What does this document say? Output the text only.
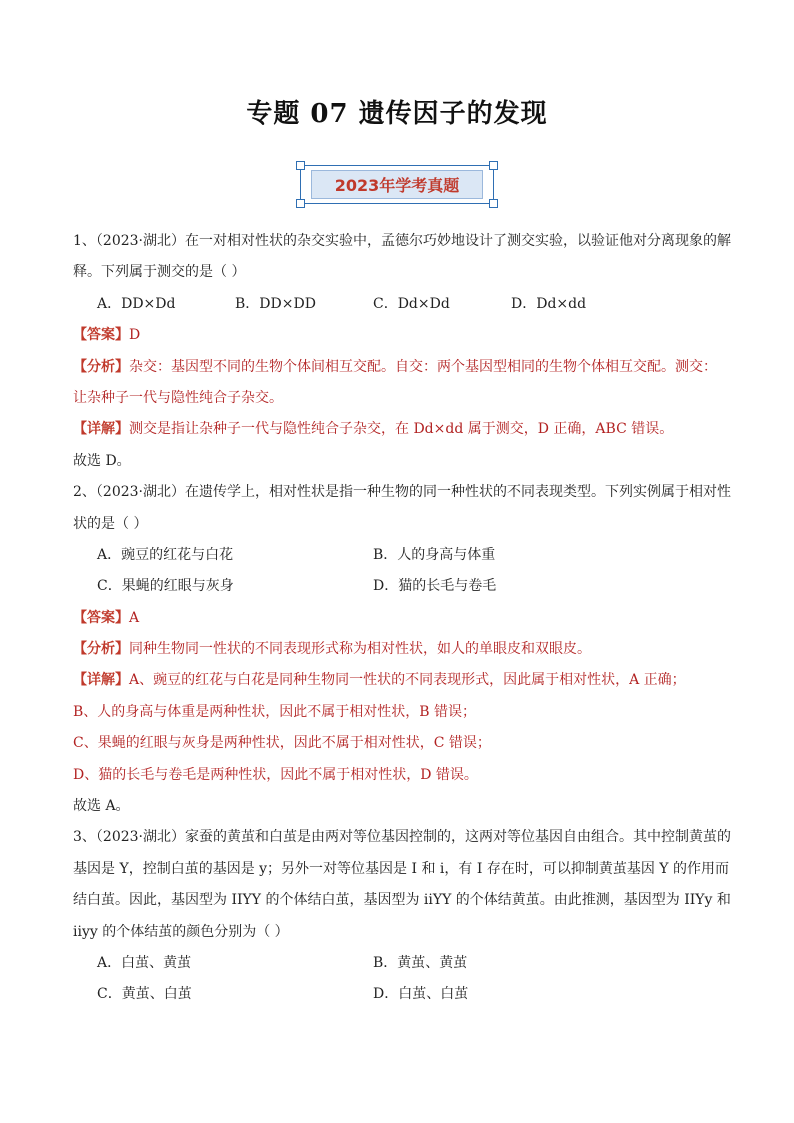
专题 07 遗传因子的发现
2023年学考真题
1、（2023·湖北）在一对相对性状的杂交实验中，孟德尔巧妙地设计了测交实验，以验证他对分离现象的解
释。下列属于测交的是（ ）
A．DD×Dd	B．DD×DD	C．Dd×Dd	D．Dd×dd
【答案】D
【分析】杂交：基因型不同的生物个体间相互交配。自交：两个基因型相同的生物个体相互交配。测交：
让杂种子一代与隐性纯合子杂交。
【详解】测交是指让杂种子一代与隐性纯合子杂交，在 Dd×dd 属于测交，D 正确，ABC 错误。
故选 D。
2、（2023·湖北）在遗传学上，相对性状是指一种生物的同一种性状的不同表现类型。下列实例属于相对性
状的是（ ）
A．豌豆的红花与白花	B．人的身高与体重
C．果蝇的红眼与灰身	D．猫的长毛与卷毛
【答案】A
【分析】同种生物同一性状的不同表现形式称为相对性状，如人的单眼皮和双眼皮。
【详解】A、豌豆的红花与白花是同种生物同一性状的不同表现形式，因此属于相对性状，A 正确；
B、人的身高与体重是两种性状，因此不属于相对性状，B 错误；
C、果蝇的红眼与灰身是两种性状，因此不属于相对性状，C 错误；
D、猫的长毛与卷毛是两种性状，因此不属于相对性状，D 错误。
故选 A。
3、（2023·湖北）家蚕的黄茧和白茧是由两对等位基因控制的，这两对等位基因自由组合。其中控制黄茧的
基因是 Y，控制白茧的基因是 y；另外一对等位基因是 I 和 i，有 I 存在时，可以抑制黄茧基因 Y 的作用而
结白茧。因此，基因型为 IIYY 的个体结白茧，基因型为 iiYY 的个体结黄茧。由此推测，基因型为 IIYy 和
iiyy 的个体结茧的颜色分别为（ ）
A．白茧、黄茧	B．黄茧、黄茧
C．黄茧、白茧	D．白茧、白茧
